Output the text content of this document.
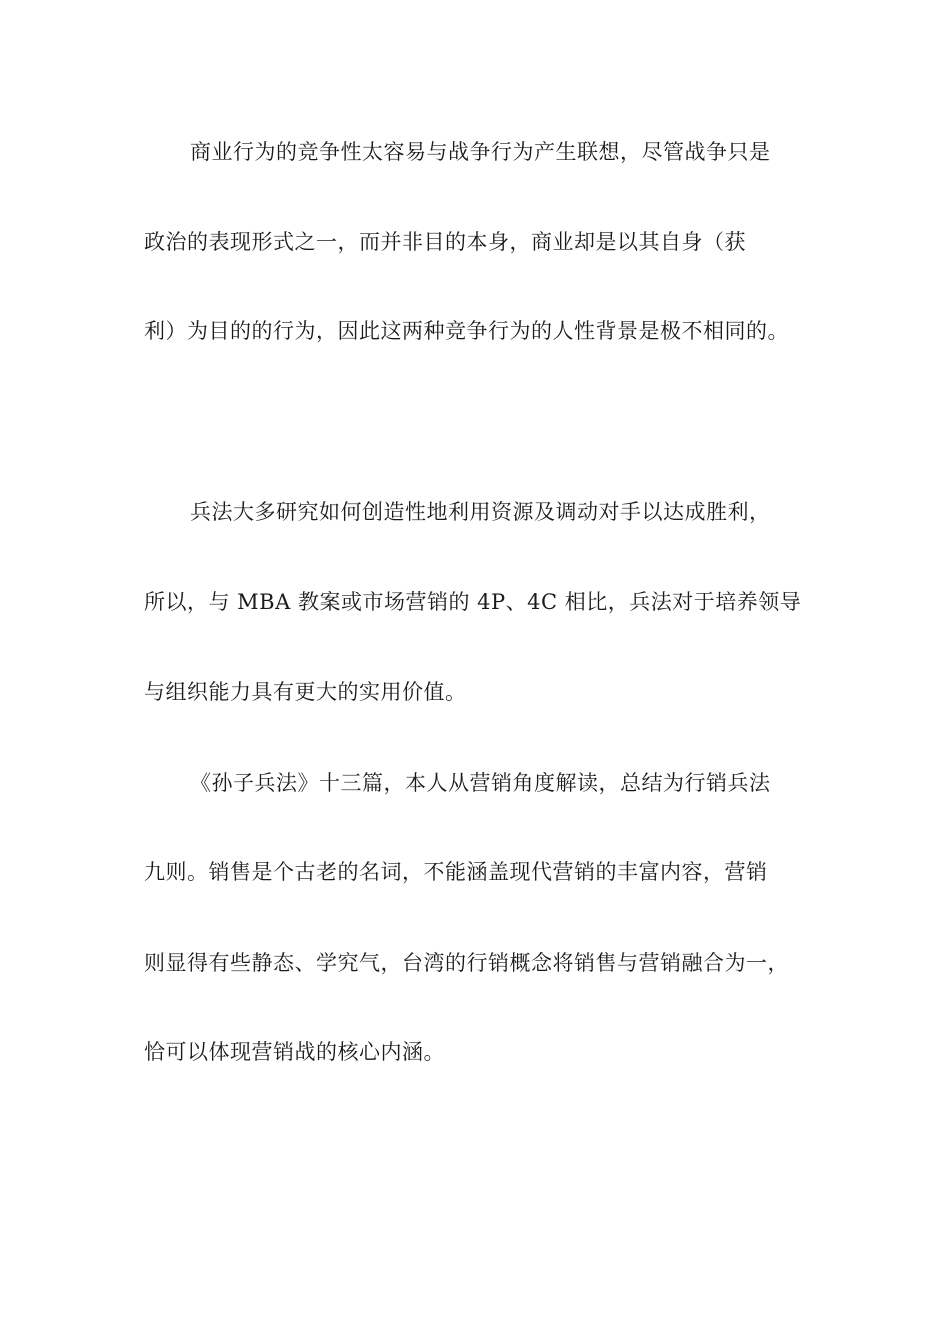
商业行为的竞争性太容易与战争行为产生联想，尽管战争只是
政治的表现形式之一，而并非目的本身，商业却是以其自身（获
利）为目的的行为，因此这两种竞争行为的人性背景是极不相同的。
兵法大多研究如何创造性地利用资源及调动对手以达成胜利，
所以，与 MBA 教案或市场营销的 4P、4C 相比，兵法对于培养领导
与组织能力具有更大的实用价值。
《孙子兵法》十三篇，本人从营销角度解读，总结为行销兵法
九则。销售是个古老的名词，不能涵盖现代营销的丰富内容，营销
则显得有些静态、学究气，台湾的行销概念将销售与营销融合为一，
恰可以体现营销战的核心内涵。
